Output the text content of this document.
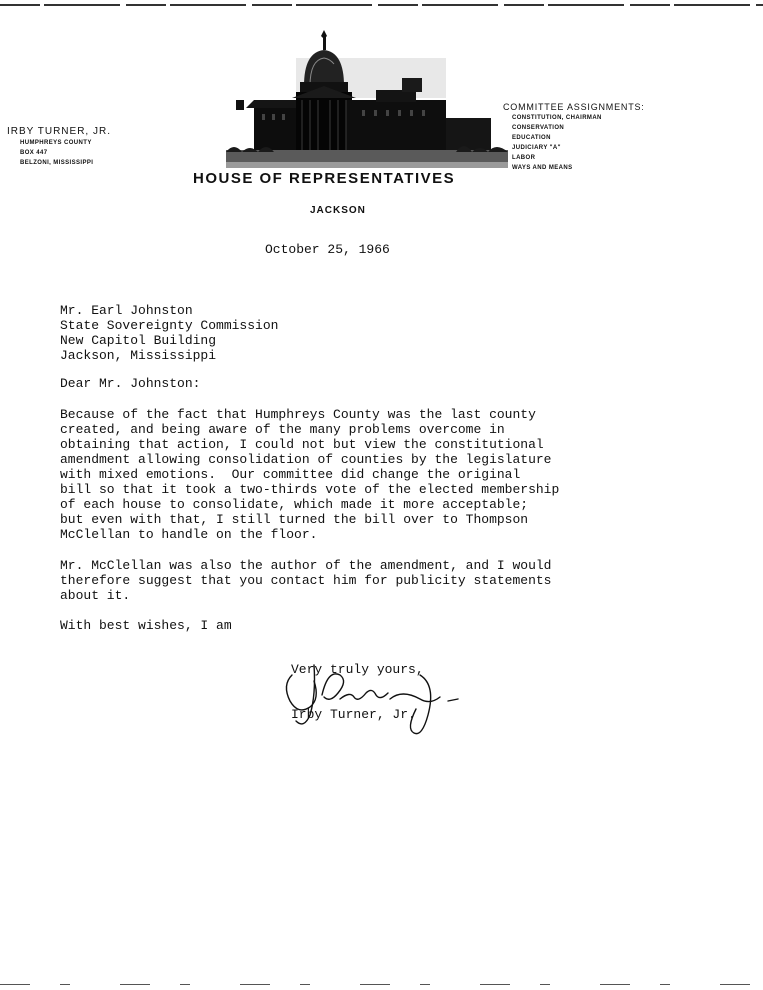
IRBY TURNER, JR.
HUMPHREYS COUNTY
BOX 447
BELZONI, MISSISSIPPI
HOUSE OF REPRESENTATIVES
JACKSON
COMMITTEE ASSIGNMENTS:
CONSTITUTION, CHAIRMAN
CONSERVATION
EDUCATION
JUDICIARY "A"
LABOR
WAYS AND MEANS
October 25, 1966
Mr. Earl Johnston
State Sovereignty Commission
New Capitol Building
Jackson, Mississippi
Dear Mr. Johnston:
Because of the fact that Humphreys County was the last county
created, and being aware of the many problems overcome in
obtaining that action, I could not but view the constitutional
amendment allowing consolidation of counties by the legislature
with mixed emotions.  Our committee did change the original
bill so that it took a two-thirds vote of the elected membership
of each house to consolidate, which made it more acceptable;
but even with that, I still turned the bill over to Thompson
McClellan to handle on the floor.
Mr. McClellan was also the author of the amendment, and I would
therefore suggest that you contact him for publicity statements
about it.
With best wishes, I am
Very truly yours,
Irby Turner, Jr.
